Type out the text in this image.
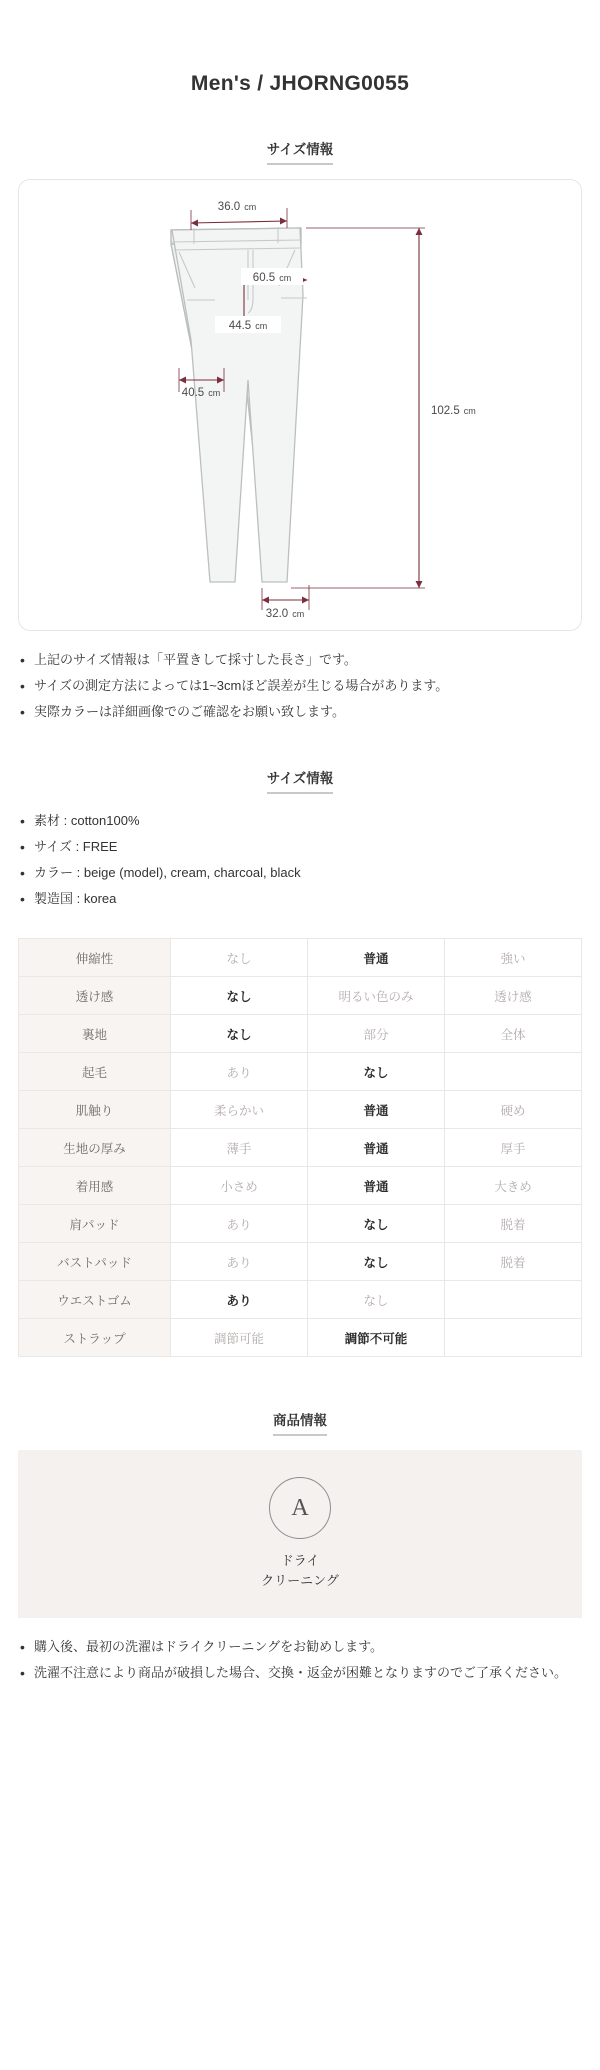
Men's / JHORNG0055
サイズ情報
36.0 cm
60.5 cm
44.5 cm
40.5 cm
102.5 cm
32.0 cm
• 上記のサイズ情報は「平置きして採寸した長さ」です。
• サイズの測定方法によっては1~3cmほど誤差が生じる場合があります。
• 実際カラーは詳細画像でのご確認をお願い致します。
サイズ情報
• 素材 : cotton100%
• サイズ : FREE
• カラー : beige (model), cream, charcoal, black
• 製造国 : korea
伸縮性	なし	普通	強い
透け感	なし	明るい色のみ	透け感
裏地	なし	部分	全体
起毛	あり	なし	
肌触り	柔らかい	普通	硬め
生地の厚み	薄手	普通	厚手
着用感	小さめ	普通	大きめ
肩パッド	あり	なし	脱着
バストパッド	あり	なし	脱着
ウエストゴム	あり	なし	
ストラップ	調節可能	調節不可能	
商品情報
A
ドライ
クリーニング
• 購入後、最初の洗濯はドライクリーニングをお勧めします。
• 洗濯不注意により商品が破損した場合、交換・返金が困難となりますのでご了承ください。
